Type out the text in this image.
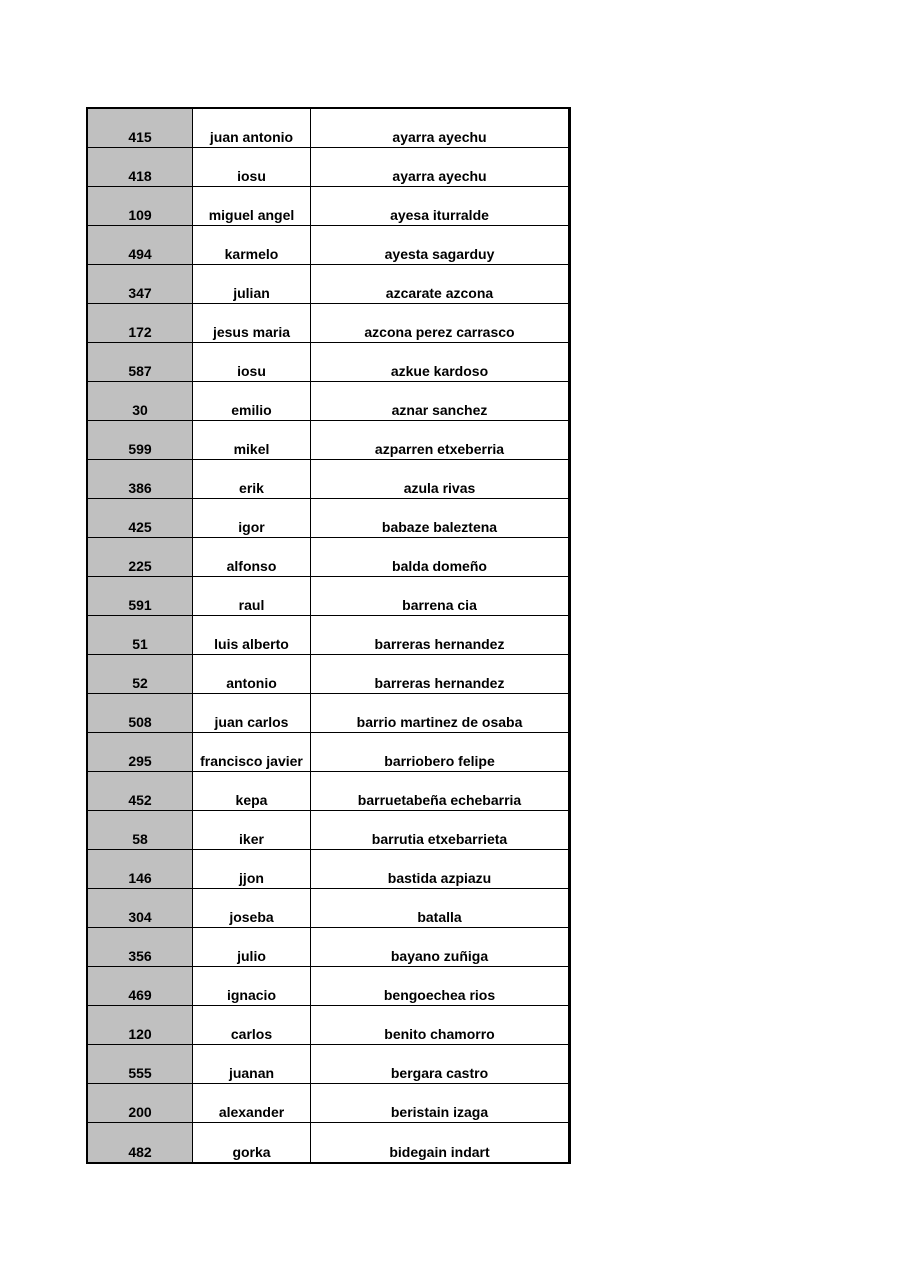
415	juan antonio	ayarra ayechu
418	iosu	ayarra ayechu
109	miguel angel	ayesa iturralde
494	karmelo	ayesta sagarduy
347	julian	azcarate azcona
172	jesus maria	azcona perez carrasco
587	iosu	azkue kardoso
30	emilio	aznar sanchez
599	mikel	azparren etxeberria
386	erik	azula rivas
425	igor	babaze baleztena
225	alfonso	balda domeño
591	raul	barrena cia
51	luis alberto	barreras hernandez
52	antonio	barreras hernandez
508	juan carlos	barrio martinez de osaba
295	francisco javier	barriobero felipe
452	kepa	barruetabeña echebarria
58	iker	barrutia etxebarrieta
146	jjon	bastida azpiazu
304	joseba	batalla
356	julio	bayano zuñiga
469	ignacio	bengoechea rios
120	carlos	benito chamorro
555	juanan	bergara castro
200	alexander	beristain izaga
482	gorka	bidegain indart
